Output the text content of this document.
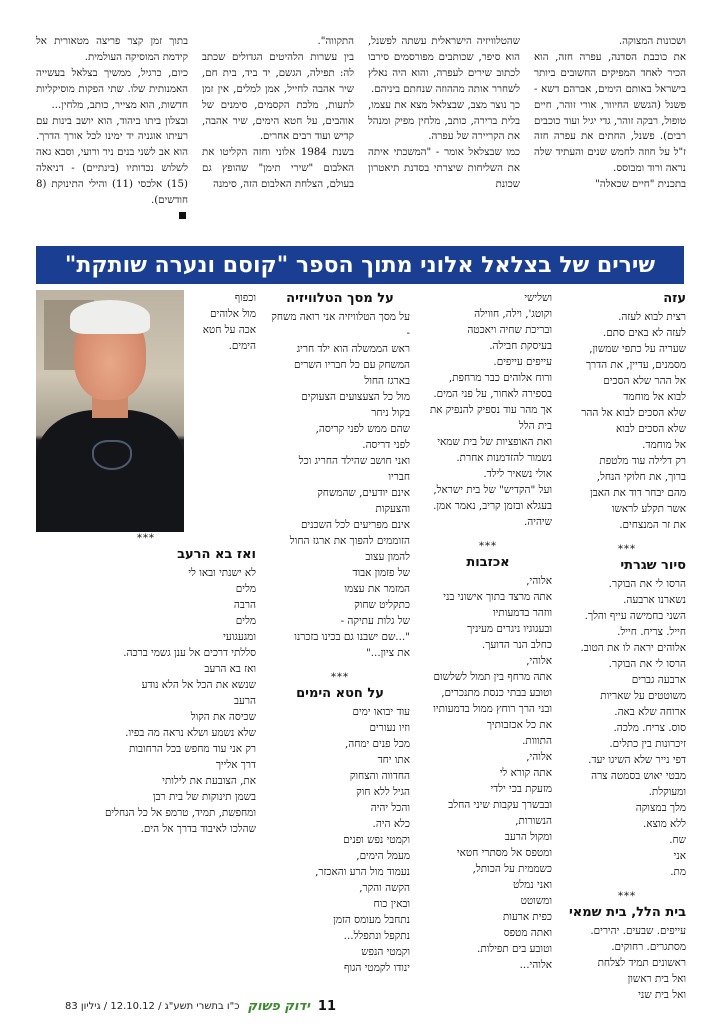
ושכונות המצוקה.

את כוכבת הסדנה, עפרה חזה, הוא הכיר לאחד המפיקים החשובים ביותר בישראל באותם הימים, אברהם דשא - פשנל (הגשש החיוור, אורי זוהר, חיים טופול, רבקה זוהר, גדי יגיל ועוד כוכבים רבים). פשנל, החתים את עפרה חזה ז"ל על חוזה לחמש שנים והעתיד שלה נראה ורוד ומבוסס.

בתכנית "חיים שכאלה"

שהטלוויזיה הישראלית עשתה לפשנל, הוא סיפר, שכותבים מפורסמים סירבו לכתוב שירים לעפרה, והוא היה נאלץ לשחרר אותה מההוזה שנחתם ביניהם.

כך נוצר מצב, שבצלאל מצא את עצמו, בלית ברירה, כותב, מלחין מפיק ומנהל את הקריירה של עפרה.

כמו שבצלאל אומר - "המשכתי איתה את השליחות שיצרתי בסדנת תיאטרון שכונת

התקווה".

בין עשרות הלהיטים הגדולים שכתב לה: תפילה, הגשם, יד ביד, בית חם, שיר אהבה לחייל, אמן למלים, אין זמן לתעות, מלכת הקסמים, סימנים של אוהבים, על חטא הימים, שיר אהבה, קדיש ועוד רבים אחרים.

בשנת 1984 אלוני וחזה הקליטו את האלבום "שירי תימן" שהופץ גם בעולם, הצלחת האלבום הזה, סימנה

בתוך זמן קצר פריצה מטאורית אל קידמת המוסיקה העולמית.

כיום, כרגיל, ממשיך בצלאל בעשייה האמנותית שלו. שתי הפקות מוסיקליות חדשות, הוא מצייר, כותב, מלחין...

ובצלון ביתו ביהוד, הוא יושב בינות עם רעיתו אוגניה יד ימינו לכל אורך הדרך. הוא אב לשני בנים ניר ורועי, וסבא גאה לשלוש נכדותיו (בינתיים) - דניאלה (15) אלכסי (11) והילי התינוקת (8 חודשים).

שירים של בצלאל אלוני מתוך הספר "קוסם ונערה שותקת"
עזה
רצית לבוא לעזה.
לעזה לא באים סתם.
שעריה על כתפי שמשון,
מסמנים, עדיין, את הדרך
אל ההר שלא הסכים
לבוא אל מוחמד
שלא הסכים לבוא אל ההר
שלא הסכים לבוא
אל מוחמד.
רק דלילה עוד מלטפת
ברוך, את חלוקי הנחל,
מהם יבחר דוד את האבן
אשר תקלע לראשו
את זר המנצחים.
***
סיור שגרתי
הרסו לי את הבוקר.
נשארנו ארבעה.
השני בחמישה עייף והלך.
חייל. צריח. חייל.
אלוהים יראה לו את הטוב.
הרסו לי את הבוקר.
ארבעה גברים
משוטטים על שאריות
ארוחה שלא באה.
סוס. צריח. מלכה.
זיכרונות בין כתלים.
דפי נייר שלא השיגו יעד.
מבטי יאוש בסמטה צרה
ומעוקלת.
מלך במצוקה
ללא מוצא.
שח.
אני
מת.
***
בית הלל, בית שמאי
עייפים. שבעים. יהירים.
מסתגרים. רחוקים.
ראשונים תמיד לצלחת
ואל בית ראשון
ואל בית שני
ושלישי
וקוטג', וילה, חווילה
ובריכת שחיה ויאכטה
בעיסקת חבילה.
עייפים עייפים.
ורוח אלוהים כבר מרחפת,
בספירה לאחור, על פני המים.
אך מהר עוד נספיק להנפיק את
בית הלל
ואת האופציות של בית שמאי
נשמור להזדמנות אחרת.
אולי נשאיר לילד.
ועל "הקדיש" של בית ישראל,
בעגלא ובזמן קריב, נאמר אמן.
שיהיה.
***
אכזבות
אלוהי,
אתה מרצד בתוך אישוני בני
ווזהר בדמעותיו
ובעגוגיו ניגרים מעיניך
כחלב הנר הדועך.
אלוהי,
אתה מרחף בין תמול לשלשום
וטובע בבתי כנסת מתנכרים,
ובני הרך רוחץ ממול בדמעותיו
את כל אכזבותיך
התווות.
אלוהי,
אתה קורא לי
מזעקת בכי ילדי
ובבשרך עקבות שיני החלב
הנשורות,
ומקול הרעב
ומטפס אל מסתרי חטאי
כשממית על הכותל,
ואני נמלט
ומשוטט
כפית ארעות
ואתה מטפס
וטובע בים תפילות.
אלוהי...
על מסך הטלוויזיה
על מסך הטלוויזיה אני רואה משחק -
ראש הממשלה הוא ילד חריג
המשחק עם כל חבריו השרים
בארגז החול
מול כל הצעצועים הצעוקים
בקול ניחר
שהם ממש לפני קריסה,
לפני דריסה.
ואני חושב שהילד החריג וכל
חבריו
אינם יודעים, שהמשחק
והצעקות
אינם מפריעים לכל השכנים
הזוממים להפוך את ארגז החול
להמון עצוב
של פזמון אבוד
המזמר את עצמו
כתקליט שחוק
של גלות עתיקה -
"...שם ישבנו גם בכינו בזכרנו
את ציון..."
***
על חטא הימים
עוד יבואו ימים
וזיו נעורים
מכל פנים ימחה,
אתו יחד
החדווה והצחוק
הגיל ללא חוק
והכל יהיה
כלא היה.
וקמטי נפש ופנים
מעמל הימים,
נעמוד מול הרע והאכזר,
הקשה והקר,
ובאין כוח
נתחבל מעומס הזמן
נתקפל ונתפלל...
וקמטי הנפש
ינודו לקמטי הגוף
וכפוף
מול אלוהים
אכה על חטא הימים.
***
ואז בא הרעב
לא ישנתי ובאו לי
מלים
הרבה
מלים
ומגעגועי
סללתי דרכים אל ענן גשמי ברכה.
ואז בא הרעב
שנשא את הכל אל הלא נודע
הרעב
שכיסה את הקול
שלא נשמע ושלא נראה מה בפיו.
רק אני עוד מחפש בכל הרחובות
דרך אלייך
את, הצובעת את לילותי
בשמן תינוקות של בית רבן
ומחפשת, תמיד, טרמפ אל כל הנחלים
שהלכו לאיבוד בדרך אל הים.
11
ידוק פשוק
כ"ו בתשרי תשע"ג / 12.10.12 / גיליון 83
